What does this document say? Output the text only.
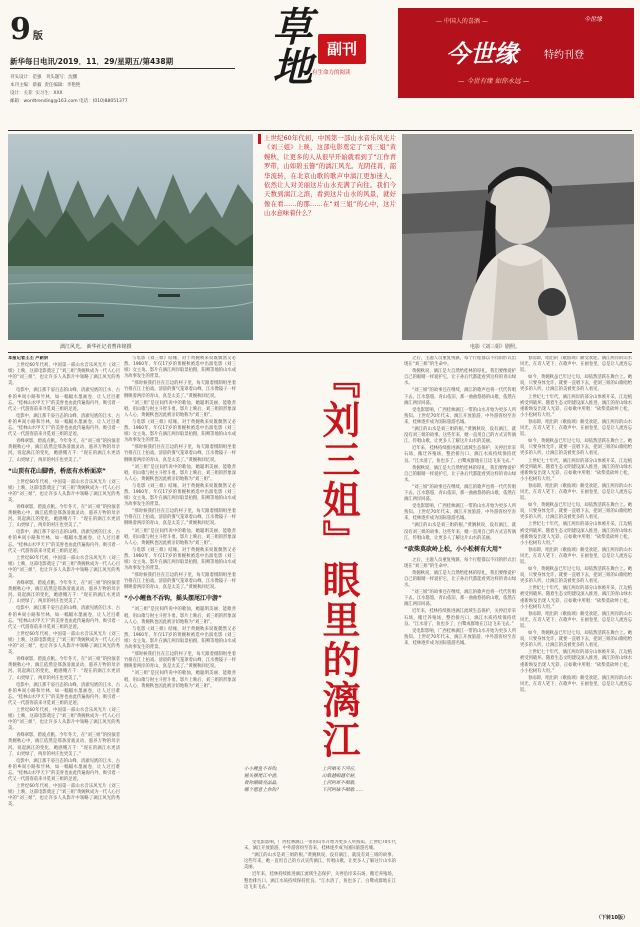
9 版
新华每日电讯/2019．11．29/星期五/第438期
刊头设计：范强 刊头题写：沈鹏
本刊主编：蔡毅 责任编辑：李艳艳
设计：关菲 实习生：XXX
邮箱：wordtrending@163.com 电话：(010)88051377
草地 副刊
有生命力的阅读
— 中国人的喜酒 —	今世缘
今世缘	特约刊登
— 今世有缘 如你永远 —
漓江风光。 新华社记者曹祎铭摄	电影《刘三姐》剧照。
上世纪60年代初，中国第一部山水音乐风光片《刘三姐》上映，这部电影奠定了“刘三姐”黄婉秋，让更多的人从很早开始就看到了“江作青罗带，山如碧玉簪”的漓江风光。光阴荏苒，韶华流转，在北京山歌的歌声中漓江更加迷人，依然让人对美丽这片山水充满了向往。我们今天数到漓江之滨，看到这片山水的风景，就好像在看……的那……在“刘三姐”的心中，这片山水意味着什么？

本报记者王丕 卢新妍

上世纪60年代初，中国第一部山水音乐风光片《刘三姐》上映，这部电影奠定了“刘三姐”黄婉秋成为一代人心目中的“刘三姐”，也让许多人从影片中领略了漓江风光的秀美。

电影中，漓江那千姿百态的山峰、清澈见底的江水、古朴的乡间小路和竹林，如一幅幅水墨画卷，让人过目难忘。“桂林山水甲天下”的美誉也由此传遍海内外，吸引着一代又一代游客前来寻觅刘三姐的足迹。

电影中，漓江那千姿百态的山峰、清澈见底的江水、古朴的乡间小路和竹林，如一幅幅水墨画卷，让人过目难忘。“桂林山水甲天下”的美誉也由此传遍海内外，吸引着一代又一代游客前来寻觅刘三姐的足迹。

青峰翠影，碧波点帆。今年冬天，在“刘三姐”的扮演者黄婉秋心中，漓江依然是那条清澈灵动、滋养万物的母亲河。说起漓江的变化，她感慨万千：“现在的漓江水更清了，山更绿了，两岸的村庄也更美了。”

“山顶有花山脚香，桥底有水桥面凉”

上世纪60年代初，中国第一部山水音乐风光片《刘三姐》上映，这部电影奠定了“刘三姐”黄婉秋成为一代人心目中的“刘三姐”，也让许多人从影片中领略了漓江风光的秀美。

青峰翠影，碧波点帆。今年冬天，在“刘三姐”的扮演者黄婉秋心中，漓江依然是那条清澈灵动、滋养万物的母亲河。说起漓江的变化，她感慨万千：“现在的漓江水更清了，山更绿了，两岸的村庄也更美了。”

电影中，漓江那千姿百态的山峰、清澈见底的江水、古朴的乡间小路和竹林，如一幅幅水墨画卷，让人过目难忘。“桂林山水甲天下”的美誉也由此传遍海内外，吸引着一代又一代游客前来寻觅刘三姐的足迹。

上世纪60年代初，中国第一部山水音乐风光片《刘三姐》上映，这部电影奠定了“刘三姐”黄婉秋成为一代人心目中的“刘三姐”，也让许多人从影片中领略了漓江风光的秀美。

青峰翠影，碧波点帆。今年冬天，在“刘三姐”的扮演者黄婉秋心中，漓江依然是那条清澈灵动、滋养万物的母亲河。说起漓江的变化，她感慨万千：“现在的漓江水更清了，山更绿了，两岸的村庄也更美了。”

电影中，漓江那千姿百态的山峰、清澈见底的江水、古朴的乡间小路和竹林，如一幅幅水墨画卷，让人过目难忘。“桂林山水甲天下”的美誉也由此传遍海内外，吸引着一代又一代游客前来寻觅刘三姐的足迹。

上世纪60年代初，中国第一部山水音乐风光片《刘三姐》上映，这部电影奠定了“刘三姐”黄婉秋成为一代人心目中的“刘三姐”，也让许多人从影片中领略了漓江风光的秀美。

青峰翠影，碧波点帆。今年冬天，在“刘三姐”的扮演者黄婉秋心中，漓江依然是那条清澈灵动、滋养万物的母亲河。说起漓江的变化，她感慨万千：“现在的漓江水更清了，山更绿了，两岸的村庄也更美了。”

电影中，漓江那千姿百态的山峰、清澈见底的江水、古朴的乡间小路和竹林，如一幅幅水墨画卷，让人过目难忘。“桂林山水甲天下”的美誉也由此传遍海内外，吸引着一代又一代游客前来寻觅刘三姐的足迹。

上世纪60年代初，中国第一部山水音乐风光片《刘三姐》上映，这部电影奠定了“刘三姐”黄婉秋成为一代人心目中的“刘三姐”，也让许多人从影片中领略了漓江风光的秀美。

青峰翠影，碧波点帆。今年冬天，在“刘三姐”的扮演者黄婉秋心中，漓江依然是那条清澈灵动、滋养万物的母亲河。说起漓江的变化，她感慨万千：“现在的漓江水更清了，山更绿了，两岸的村庄也更美了。”

电影中，漓江那千姿百态的山峰、清澈见底的江水、古朴的乡间小路和竹林，如一幅幅水墨画卷，让人过目难忘。“桂林山水甲天下”的美誉也由此传遍海内外，吸引着一代又一代游客前来寻觅刘三姐的足迹。

上世纪60年代初，中国第一部山水音乐风光片《刘三姐》上映，这部电影奠定了“刘三姐”黄婉秋成为一代人心目中的“刘三姐”，也让许多人从影片中领略了漓江风光的秀美。

与电影《刘三姐》结缘，对于黄婉秋来说既偶然又必然。1960年，年仅17岁的黄婉秋被选中出演电影《刘三姐》女主角。影片在漓江两岸取景拍摄，阳朔等地的山水成为故事发生的背景。

“那时候我们住在江边的村子里，每天跟着摄制组坐着竹排在江上拍戏。清晨的雾气笼罩着山峰，江水像镜子一样倒映着两岸的青山，真是太美了。”黄婉秋回忆说。

“刘三姐”是民间传说中的歌仙，她聪明美丽、能歌善唱，用山歌与财主斗智斗勇。影片上映后，刘三姐的形象深入人心，黄婉秋也因此被亲切地称为“刘三姐”。

与电影《刘三姐》结缘，对于黄婉秋来说既偶然又必然。1960年，年仅17岁的黄婉秋被选中出演电影《刘三姐》女主角。影片在漓江两岸取景拍摄，阳朔等地的山水成为故事发生的背景。

“那时候我们住在江边的村子里，每天跟着摄制组坐着竹排在江上拍戏。清晨的雾气笼罩着山峰，江水像镜子一样倒映着两岸的青山，真是太美了。”黄婉秋回忆说。

“刘三姐”是民间传说中的歌仙，她聪明美丽、能歌善唱，用山歌与财主斗智斗勇。影片上映后，刘三姐的形象深入人心，黄婉秋也因此被亲切地称为“刘三姐”。

与电影《刘三姐》结缘，对于黄婉秋来说既偶然又必然。1960年，年仅17岁的黄婉秋被选中出演电影《刘三姐》女主角。影片在漓江两岸取景拍摄，阳朔等地的山水成为故事发生的背景。

“那时候我们住在江边的村子里，每天跟着摄制组坐着竹排在江上拍戏。清晨的雾气笼罩着山峰，江水像镜子一样倒映着两岸的青山，真是太美了。”黄婉秋回忆说。

“刘三姐”是民间传说中的歌仙，她聪明美丽、能歌善唱，用山歌与财主斗智斗勇。影片上映后，刘三姐的形象深入人心，黄婉秋也因此被亲切地称为“刘三姐”。

与电影《刘三姐》结缘，对于黄婉秋来说既偶然又必然。1960年，年仅17岁的黄婉秋被选中出演电影《刘三姐》女主角。影片在漓江两岸取景拍摄，阳朔等地的山水成为故事发生的背景。

“那时候我们住在江边的村子里，每天跟着摄制组坐着竹排在江上拍戏。清晨的雾气笼罩着山峰，江水像镜子一样倒映着两岸的青山，真是太美了。”黄婉秋回忆说。

“小小鲤鱼不吞钩，摇头摆尾江中游”

“刘三姐”是民间传说中的歌仙，她聪明美丽、能歌善唱，用山歌与财主斗智斗勇。影片上映后，刘三姐的形象深入人心，黄婉秋也因此被亲切地称为“刘三姐”。

与电影《刘三姐》结缘，对于黄婉秋来说既偶然又必然。1960年，年仅17岁的黄婉秋被选中出演电影《刘三姐》女主角。影片在漓江两岸取景拍摄，阳朔等地的山水成为故事发生的背景。

“那时候我们住在江边的村子里，每天跟着摄制组坐着竹排在江上拍戏。清晨的雾气笼罩着山峰，江水像镜子一样倒映着两岸的青山，真是太美了。”黄婉秋回忆说。

“刘三姐”是民间传说中的歌仙，她聪明美丽、能歌善唱，用山歌与财主斗智斗勇。影片上映后，刘三姐的形象深入人心，黄婉秋也因此被亲切地称为“刘三姐”。	『刘三姐』眼里的漓江
小小鲤鱼不吞钩，
摇头摆尾江中游，
看你眼睛亮晶晶，
哪个愿意上你钩？
上河唱来下河应，
山歌越唱越年轻，
上河阿哥不唱歌，
下河阿妹不唱歌……

受电影影响，广西桂林漓江一带的山水开始为更多人所熟知。上世纪70年代末，漓江开放旅游，中外游客纷至沓来，桂林逐步成为国际旅游名城。

“漓江的山水是刘三姐的根。”黄婉秋说，没有漓江，就没有刘三姐的故事。这些年来，她一直用自己的方式宣传漓江，传唱山歌，让更多人了解这片山水的美丽。

近年来，桂林持续推进漓江流域生态保护，关停沿岸采石场，搬迁养殖场，整治排污口，漓江水质持续保持优良。“江水清了，鱼也多了，白鹭成群地在江边飞来飞去。”

之后，主题人员重复残骸，每个行程都以不同的形式出现在“刘三姐”的生命中。

黄婉秋说，漓江是大自然给桂林的厚礼，我们要像爱护自己的眼睛一样爱护它，让子孙后代都能看到这样的青山绿水。

“刘三姐”的故事还在继续，漓江的歌声也将一代代传唱下去。江水悠悠，青山依旧，那一曲曲悠扬的山歌，依然在漓江两岸回荡。

受电影影响，广西桂林漓江一带的山水开始为更多人所熟知。上世纪70年代末，漓江开放旅游，中外游客纷至沓来，桂林逐步成为国际旅游名城。

“漓江的山水是刘三姐的根。”黄婉秋说，没有漓江，就没有刘三姐的故事。这些年来，她一直用自己的方式宣传漓江，传唱山歌，让更多人了解这片山水的美丽。

近年来，桂林持续推进漓江流域生态保护，关停沿岸采石场，搬迁养殖场，整治排污口，漓江水质持续保持优良。“江水清了，鱼也多了，白鹭成群地在江边飞来飞去。”

黄婉秋说，漓江是大自然给桂林的厚礼，我们要像爱护自己的眼睛一样爱护它，让子孙后代都能看到这样的青山绿水。

“刘三姐”的故事还在继续，漓江的歌声也将一代代传唱下去。江水悠悠，青山依旧，那一曲曲悠扬的山歌，依然在漓江两岸回荡。

受电影影响，广西桂林漓江一带的山水开始为更多人所熟知。上世纪70年代末，漓江开放旅游，中外游客纷至沓来，桂林逐步成为国际旅游名城。

“漓江的山水是刘三姐的根。”黄婉秋说，没有漓江，就没有刘三姐的故事。这些年来，她一直用自己的方式宣传漓江，传唱山歌，让更多人了解这片山水的美丽。

“砍柴莫砍岭上松，小小松树有大用”

之后，主题人员重复残骸，每个行程都以不同的形式出现在“刘三姐”的生命中。

黄婉秋说，漓江是大自然给桂林的厚礼，我们要像爱护自己的眼睛一样爱护它，让子孙后代都能看到这样的青山绿水。

“刘三姐”的故事还在继续，漓江的歌声也将一代代传唱下去。江水悠悠，青山依旧，那一曲曲悠扬的山歌，依然在漓江两岸回荡。

近年来，桂林持续推进漓江流域生态保护，关停沿岸采石场，搬迁养殖场，整治排污口，漓江水质持续保持优良。“江水清了，鱼也多了，白鹭成群地在江边飞来飞去。”

受电影影响，广西桂林漓江一带的山水开始为更多人所熟知。上世纪70年代末，漓江开放旅游，中外游客纷至沓来，桂林逐步成为国际旅游名城。

春雨即，唱出的《歌仙颂》颇受欢迎。漓江两岸的山水风光，在诗人笔下、在歌声中、在画卷里，总是让人流连忘返。

如今，黄婉秋虽已年过七旬，却依然活跃在舞台上。她说，只要身体允许，就要一直唱下去，把刘三姐的山歌唱给更多的人听，让漓江的美被更多的人看见。

上世纪七十年代，漓江两岸的部分山体被开采，江边植被受到破坏。随着生态文明建设深入推进，漓江的青山绿水重新焕发出迷人光彩，正如歌中所唱：“砍柴莫砍岭上松，小小松树有大用。”

春雨即，唱出的《歌仙颂》颇受欢迎。漓江两岸的山水风光，在诗人笔下、在歌声中、在画卷里，总是让人流连忘返。

如今，黄婉秋虽已年过七旬，却依然活跃在舞台上。她说，只要身体允许，就要一直唱下去，把刘三姐的山歌唱给更多的人听，让漓江的美被更多的人看见。

上世纪七十年代，漓江两岸的部分山体被开采，江边植被受到破坏。随着生态文明建设深入推进，漓江的青山绿水重新焕发出迷人光彩，正如歌中所唱：“砍柴莫砍岭上松，小小松树有大用。”

春雨即，唱出的《歌仙颂》颇受欢迎。漓江两岸的山水风光，在诗人笔下、在歌声中、在画卷里，总是让人流连忘返。

如今，黄婉秋虽已年过七旬，却依然活跃在舞台上。她说，只要身体允许，就要一直唱下去，把刘三姐的山歌唱给更多的人听，让漓江的美被更多的人看见。

上世纪七十年代，漓江两岸的部分山体被开采，江边植被受到破坏。随着生态文明建设深入推进，漓江的青山绿水重新焕发出迷人光彩，正如歌中所唱：“砍柴莫砍岭上松，小小松树有大用。”

春雨即，唱出的《歌仙颂》颇受欢迎。漓江两岸的山水风光，在诗人笔下、在歌声中、在画卷里，总是让人流连忘返。

如今，黄婉秋虽已年过七旬，却依然活跃在舞台上。她说，只要身体允许，就要一直唱下去，把刘三姐的山歌唱给更多的人听，让漓江的美被更多的人看见。

上世纪七十年代，漓江两岸的部分山体被开采，江边植被受到破坏。随着生态文明建设深入推进，漓江的青山绿水重新焕发出迷人光彩，正如歌中所唱：“砍柴莫砍岭上松，小小松树有大用。”

春雨即，唱出的《歌仙颂》颇受欢迎。漓江两岸的山水风光，在诗人笔下、在歌声中、在画卷里，总是让人流连忘返。

如今，黄婉秋虽已年过七旬，却依然活跃在舞台上。她说，只要身体允许，就要一直唱下去，把刘三姐的山歌唱给更多的人听，让漓江的美被更多的人看见。

上世纪七十年代，漓江两岸的部分山体被开采，江边植被受到破坏。随着生态文明建设深入推进，漓江的青山绿水重新焕发出迷人光彩，正如歌中所唱：“砍柴莫砍岭上松，小小松树有大用。”

春雨即，唱出的《歌仙颂》颇受欢迎。漓江两岸的山水风光，在诗人笔下、在歌声中、在画卷里，总是让人流连忘返。

（下转10版）
